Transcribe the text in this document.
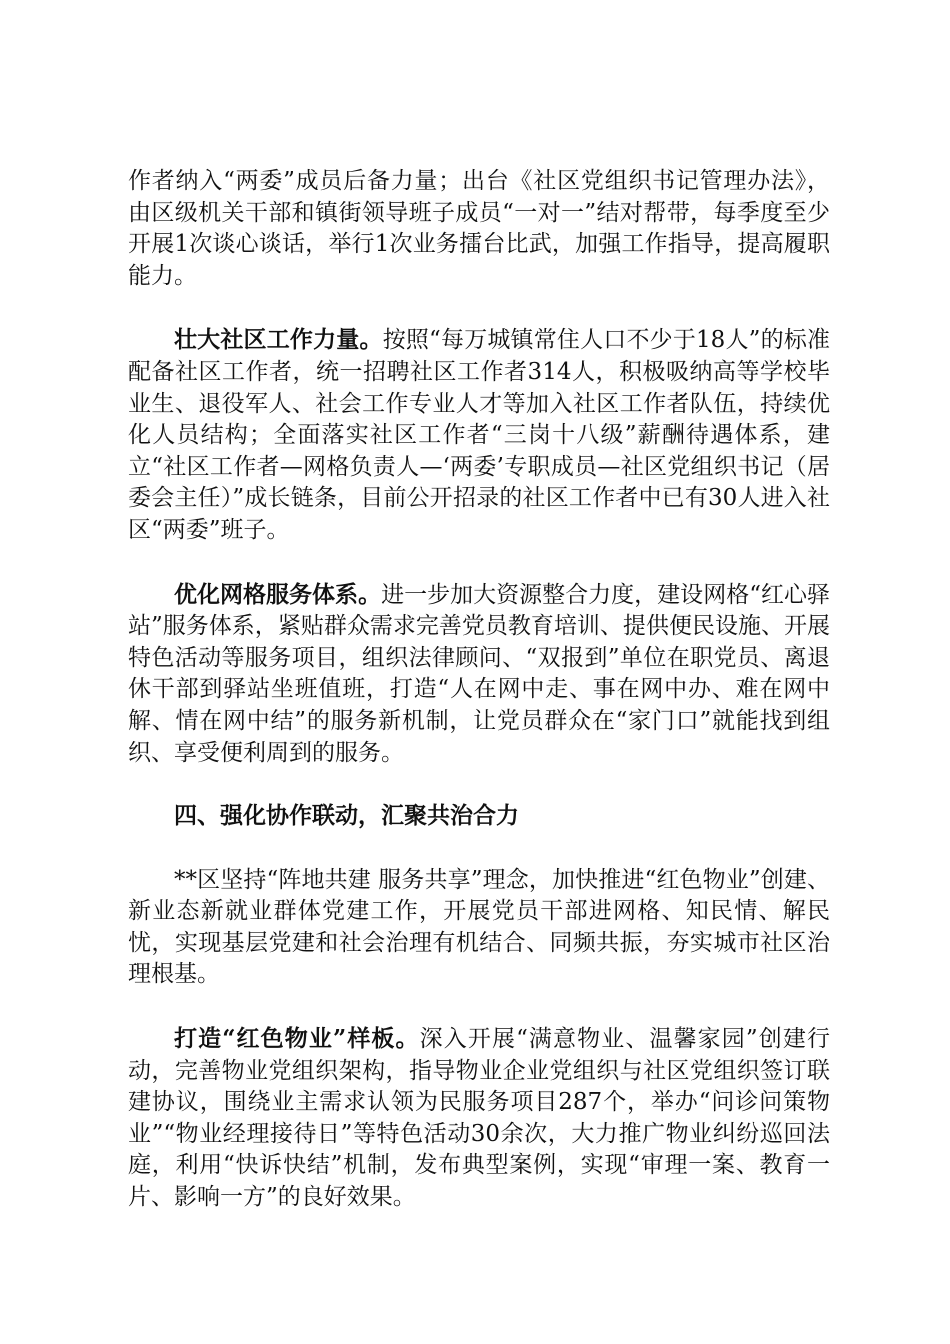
作者纳入“两委”成员后备力量；出台《社区党组织书记管理办法》，由区级机关干部和镇街领导班子成员“一对一”结对帮带，每季度至少开展1次谈心谈话，举行1次业务擂台比武，加强工作指导，提高履职能力。

壮大社区工作力量。按照“每万城镇常住人口不少于18人”的标准配备社区工作者，统一招聘社区工作者314人，积极吸纳高等学校毕业生、退役军人、社会工作专业人才等加入社区工作者队伍，持续优化人员结构；全面落实社区工作者“三岗十八级”薪酬待遇体系，建立“社区工作者—网格负责人—‘两委’专职成员—社区党组织书记（居委会主任）”成长链条，目前公开招录的社区工作者中已有30人进入社区“两委”班子。

优化网格服务体系。进一步加大资源整合力度，建设网格“红心驿站”服务体系，紧贴群众需求完善党员教育培训、提供便民设施、开展特色活动等服务项目，组织法律顾问、“双报到”单位在职党员、离退休干部到驿站坐班值班，打造“人在网中走、事在网中办、难在网中解、情在网中结”的服务新机制，让党员群众在“家门口”就能找到组织、享受便利周到的服务。

四、强化协作联动，汇聚共治合力

**区坚持“阵地共建 服务共享”理念，加快推进“红色物业”创建、新业态新就业群体党建工作，开展党员干部进网格、知民情、解民忧，实现基层党建和社会治理有机结合、同频共振，夯实城市社区治理根基。

打造“红色物业”样板。深入开展“满意物业、温馨家园”创建行动，完善物业党组织架构，指导物业企业党组织与社区党组织签订联建协议，围绕业主需求认领为民服务项目287个，举办“问诊问策物业”“物业经理接待日”等特色活动30余次，大力推广物业纠纷巡回法庭，利用“快诉快结”机制，发布典型案例，实现“审理一案、教育一片、影响一方”的良好效果。
